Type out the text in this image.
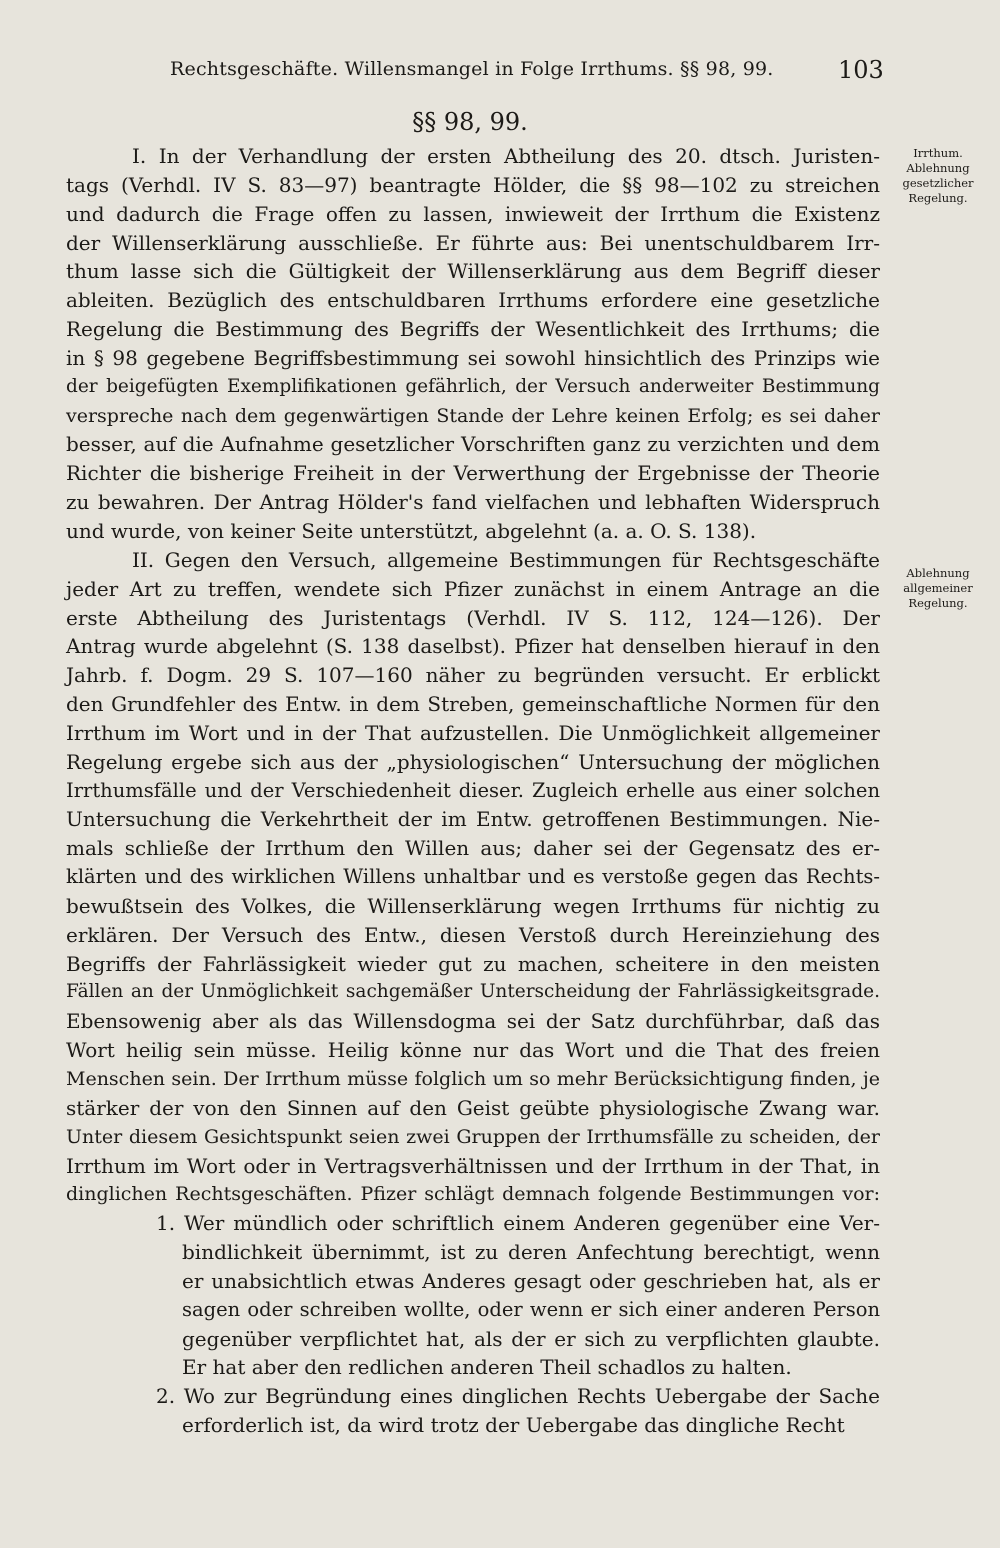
Rechtsgeschäfte. Willensmangel in Folge Irrthums. §§ 98, 99.	103
§§ 98, 99.
I. In der Verhandlung der ersten Abtheilung des 20. dtsch. Juristen-
tags (Verhdl. IV S. 83—97) beantragte Hölder, die §§ 98—102 zu streichen
und dadurch die Frage offen zu lassen, inwieweit der Irrthum die Existenz
der Willenserklärung ausschließe. Er führte aus: Bei unentschuldbarem Irr-
thum lasse sich die Gültigkeit der Willenserklärung aus dem Begriff dieser
ableiten. Bezüglich des entschuldbaren Irrthums erfordere eine gesetzliche
Regelung die Bestimmung des Begriffs der Wesentlichkeit des Irrthums; die
in § 98 gegebene Begriffsbestimmung sei sowohl hinsichtlich des Prinzips wie
der beigefügten Exemplifikationen gefährlich, der Versuch anderweiter Bestimmung
verspreche nach dem gegenwärtigen Stande der Lehre keinen Erfolg; es sei daher
besser, auf die Aufnahme gesetzlicher Vorschriften ganz zu verzichten und dem
Richter die bisherige Freiheit in der Verwerthung der Ergebnisse der Theorie
zu bewahren. Der Antrag Hölder's fand vielfachen und lebhaften Widerspruch
und wurde, von keiner Seite unterstützt, abgelehnt (a. a. O. S. 138).
II. Gegen den Versuch, allgemeine Bestimmungen für Rechtsgeschäfte
jeder Art zu treffen, wendete sich Pfizer zunächst in einem Antrage an die
erste Abtheilung des Juristentags (Verhdl. IV S. 112, 124—126). Der
Antrag wurde abgelehnt (S. 138 daselbst). Pfizer hat denselben hierauf in den
Jahrb. f. Dogm. 29 S. 107—160 näher zu begründen versucht. Er erblickt
den Grundfehler des Entw. in dem Streben, gemeinschaftliche Normen für den
Irrthum im Wort und in der That aufzustellen. Die Unmöglichkeit allgemeiner
Regelung ergebe sich aus der „physiologischen“ Untersuchung der möglichen
Irrthumsfälle und der Verschiedenheit dieser. Zugleich erhelle aus einer solchen
Untersuchung die Verkehrtheit der im Entw. getroffenen Bestimmungen. Nie-
mals schließe der Irrthum den Willen aus; daher sei der Gegensatz des er-
klärten und des wirklichen Willens unhaltbar und es verstoße gegen das Rechts-
bewußtsein des Volkes, die Willenserklärung wegen Irrthums für nichtig zu
erklären. Der Versuch des Entw., diesen Verstoß durch Hereinziehung des
Begriffs der Fahrlässigkeit wieder gut zu machen, scheitere in den meisten
Fällen an der Unmöglichkeit sachgemäßer Unterscheidung der Fahrlässigkeitsgrade.
Ebensowenig aber als das Willensdogma sei der Satz durchführbar, daß das
Wort heilig sein müsse. Heilig könne nur das Wort und die That des freien
Menschen sein. Der Irrthum müsse folglich um so mehr Berücksichtigung finden, je
stärker der von den Sinnen auf den Geist geübte physiologische Zwang war.
Unter diesem Gesichtspunkt seien zwei Gruppen der Irrthumsfälle zu scheiden, der
Irrthum im Wort oder in Vertragsverhältnissen und der Irrthum in der That, in
dinglichen Rechtsgeschäften. Pfizer schlägt demnach folgende Bestimmungen vor:
1. Wer mündlich oder schriftlich einem Anderen gegenüber eine Ver-
bindlichkeit übernimmt, ist zu deren Anfechtung berechtigt, wenn
er unabsichtlich etwas Anderes gesagt oder geschrieben hat, als er
sagen oder schreiben wollte, oder wenn er sich einer anderen Person
gegenüber verpflichtet hat, als der er sich zu verpflichten glaubte.
Er hat aber den redlichen anderen Theil schadlos zu halten.
2. Wo zur Begründung eines dinglichen Rechts Uebergabe der Sache
erforderlich ist, da wird trotz der Uebergabe das dingliche Recht
Irrthum.
Ablehnung
gesetzlicher
Regelung.
Ablehnung
allgemeiner
Regelung.
